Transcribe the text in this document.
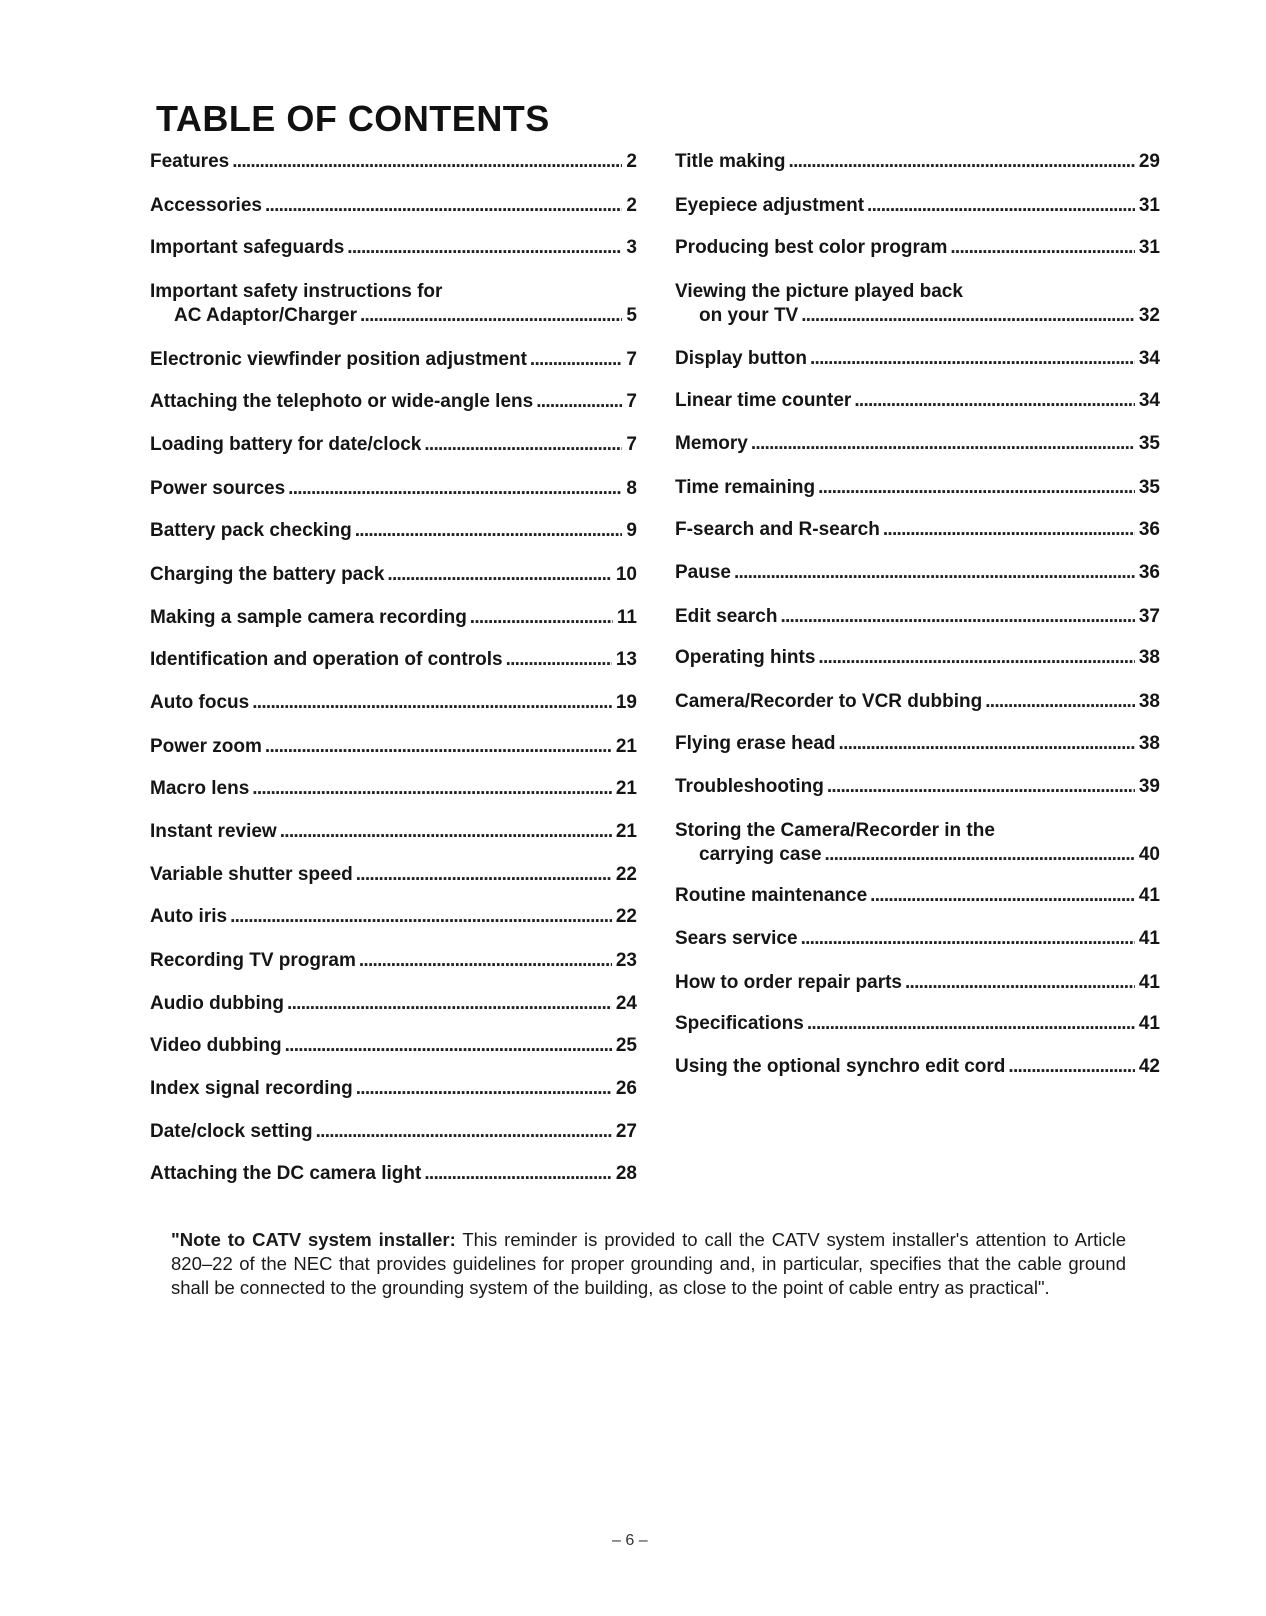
TABLE OF CONTENTS
Features . . .	2
Accessories . . .	2
Important safeguards . . .	3
Important safety instructions for
AC Adaptor/Charger . . .	5
Electronic viewfinder position adjustment . . .	7
Attaching the telephoto or wide-angle lens . . .	7
Loading battery for date/clock . . .	7
Power sources . . .	8
Battery pack checking . . .	9
Charging the battery pack . . .	10
Making a sample camera recording . . .	11
Identification and operation of controls . . .	13
Auto focus . . .	19
Power zoom . . .	21
Macro lens . . .	21
Instant review . . .	21
Variable shutter speed . . .	22
Auto iris . . .	22
Recording TV program . . .	23
Audio dubbing . . .	24
Video dubbing . . .	25
Index signal recording . . .	26
Date/clock setting . . .	27
Attaching the DC camera light . . .	28
Title making . . .	29
Eyepiece adjustment . . .	31
Producing best color program . . .	31
Viewing the picture played back
on your TV . . .	32
Display button . . .	34
Linear time counter . . .	34
Memory . . .	35
Time remaining . . .	35
F-search and R-search . . .	36
Pause . . .	36
Edit search . . .	37
Operating hints . . .	38
Camera/Recorder to VCR dubbing . . .	38
Flying erase head . . .	38
Troubleshooting . . .	39
Storing the Camera/Recorder in the
carrying case . . .	40
Routine maintenance . . .	41
Sears service . . .	41
How to order repair parts . . .	41
Specifications . . .	41
Using the optional synchro edit cord . . .	42
"Note to CATV system installer: This reminder is provided to call the CATV system installer's attention to Article 820–22 of the NEC that provides guidelines for proper grounding and, in particular, specifies that the cable ground shall be connected to the grounding system of the building, as close to the point of cable entry as practical".
– 6 –
